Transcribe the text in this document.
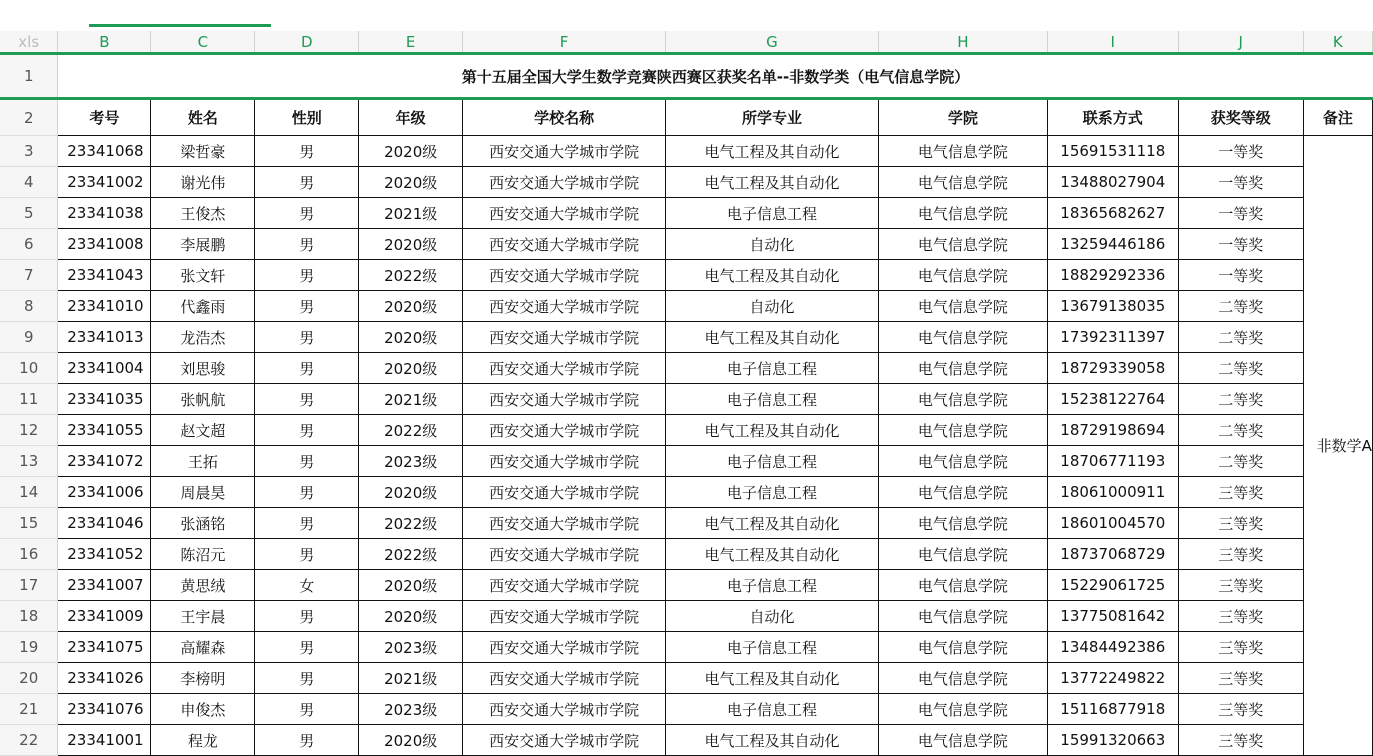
xls	B	C	D	E	F	G	H	I	J	K
1	第十五届全国大学生数学竞赛陕西赛区获奖名单--非数学类（电气信息学院）									
2	考号	姓名	性别	年级	学校名称	所学专业	学院	联系方式	获奖等级	备注
3	23341068	梁哲豪	男	2020级	西安交通大学城市学院	电气工程及其自动化	电气信息学院	15691531118	一等奖	非数学A
4	23341002	谢光伟	男	2020级	西安交通大学城市学院	电气工程及其自动化	电气信息学院	13488027904	一等奖	
5	23341038	王俊杰	男	2021级	西安交通大学城市学院	电子信息工程	电气信息学院	18365682627	一等奖	
6	23341008	李展鹏	男	2020级	西安交通大学城市学院	自动化	电气信息学院	13259446186	一等奖	
7	23341043	张文轩	男	2022级	西安交通大学城市学院	电气工程及其自动化	电气信息学院	18829292336	一等奖	
8	23341010	代鑫雨	男	2020级	西安交通大学城市学院	自动化	电气信息学院	13679138035	二等奖	
9	23341013	龙浩杰	男	2020级	西安交通大学城市学院	电气工程及其自动化	电气信息学院	17392311397	二等奖	
10	23341004	刘思骏	男	2020级	西安交通大学城市学院	电子信息工程	电气信息学院	18729339058	二等奖	
11	23341035	张帆航	男	2021级	西安交通大学城市学院	电子信息工程	电气信息学院	15238122764	二等奖	
12	23341055	赵文超	男	2022级	西安交通大学城市学院	电气工程及其自动化	电气信息学院	18729198694	二等奖	
13	23341072	王拓	男	2023级	西安交通大学城市学院	电子信息工程	电气信息学院	18706771193	二等奖	
14	23341006	周晨昊	男	2020级	西安交通大学城市学院	电子信息工程	电气信息学院	18061000911	三等奖	
15	23341046	张涵铭	男	2022级	西安交通大学城市学院	电气工程及其自动化	电气信息学院	18601004570	三等奖	
16	23341052	陈沼元	男	2022级	西安交通大学城市学院	电气工程及其自动化	电气信息学院	18737068729	三等奖	
17	23341007	黄思绒	女	2020级	西安交通大学城市学院	电子信息工程	电气信息学院	15229061725	三等奖	
18	23341009	王宇晨	男	2020级	西安交通大学城市学院	自动化	电气信息学院	13775081642	三等奖	
19	23341075	高耀森	男	2023级	西安交通大学城市学院	电子信息工程	电气信息学院	13484492386	三等奖	
20	23341026	李榜明	男	2021级	西安交通大学城市学院	电气工程及其自动化	电气信息学院	13772249822	三等奖	
21	23341076	申俊杰	男	2023级	西安交通大学城市学院	电子信息工程	电气信息学院	15116877918	三等奖	
22	23341001	程龙	男	2020级	西安交通大学城市学院	电气工程及其自动化	电气信息学院	15991320663	三等奖	
